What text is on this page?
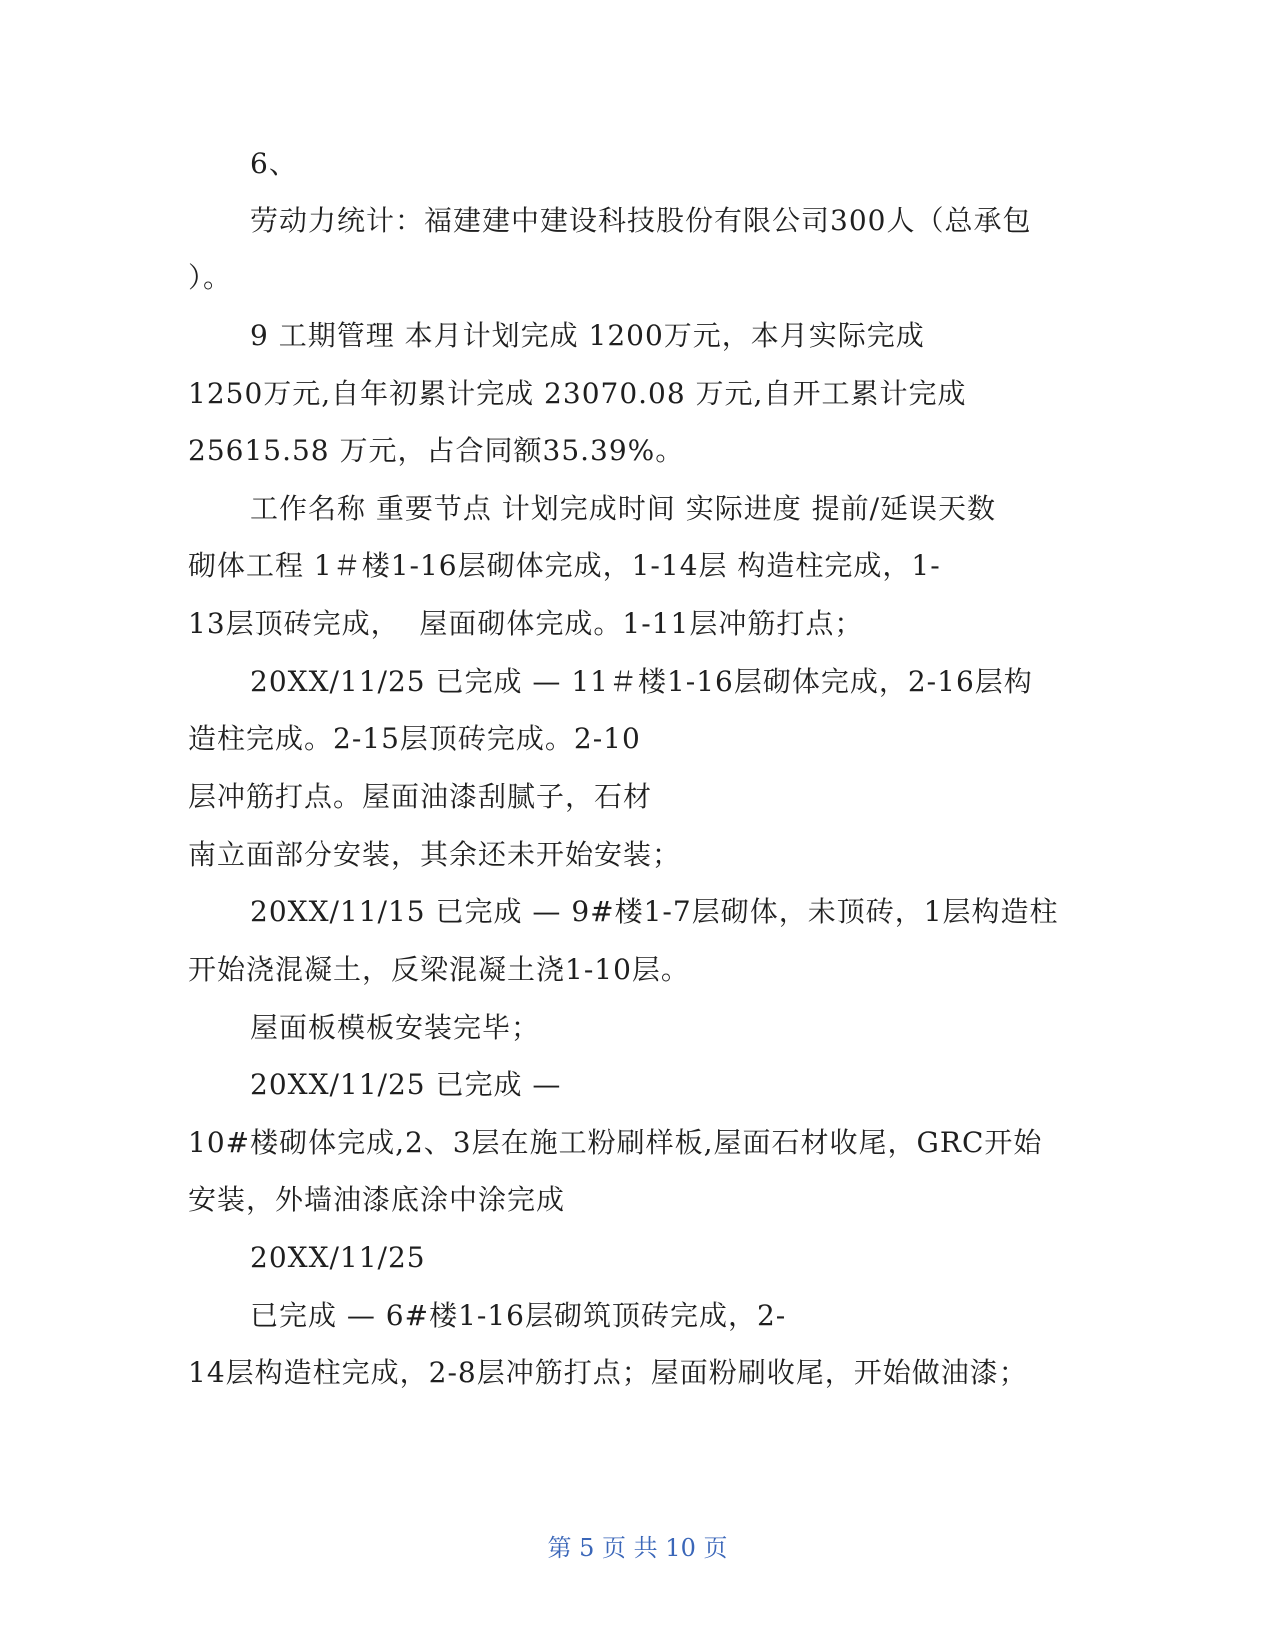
6、
劳动力统计：福建建中建设科技股份有限公司300人（总承包
）。
9 工期管理 本月计划完成 1200万元，本月实际完成
1250万元,自年初累计完成 23070.08 万元,自开工累计完成
25615.58 万元，占合同额35.39%。
工作名称 重要节点 计划完成时间 实际进度 提前/延误天数
砌体工程 1＃楼1-16层砌体完成，1-14层 构造柱完成，1-
13层顶砖完成，  屋面砌体完成。1-11层冲筋打点；
20XX/11/25 已完成 — 11＃楼1-16层砌体完成，2-16层构
造柱完成。2-15层顶砖完成。2-10
层冲筋打点。屋面油漆刮腻子，石材
南立面部分安装，其余还未开始安装；
20XX/11/15 已完成 — 9#楼1-7层砌体，未顶砖，1层构造柱
开始浇混凝土，反梁混凝土浇1-10层。
屋面板模板安装完毕；
20XX/11/25 已完成 —
10#楼砌体完成,2、3层在施工粉刷样板,屋面石材收尾，GRC开始
安装，外墙油漆底涂中涂完成
20XX/11/25
已完成 — 6#楼1-16层砌筑顶砖完成，2-
14层构造柱完成，2-8层冲筋打点；屋面粉刷收尾，开始做油漆；
第 5 页 共 10 页
